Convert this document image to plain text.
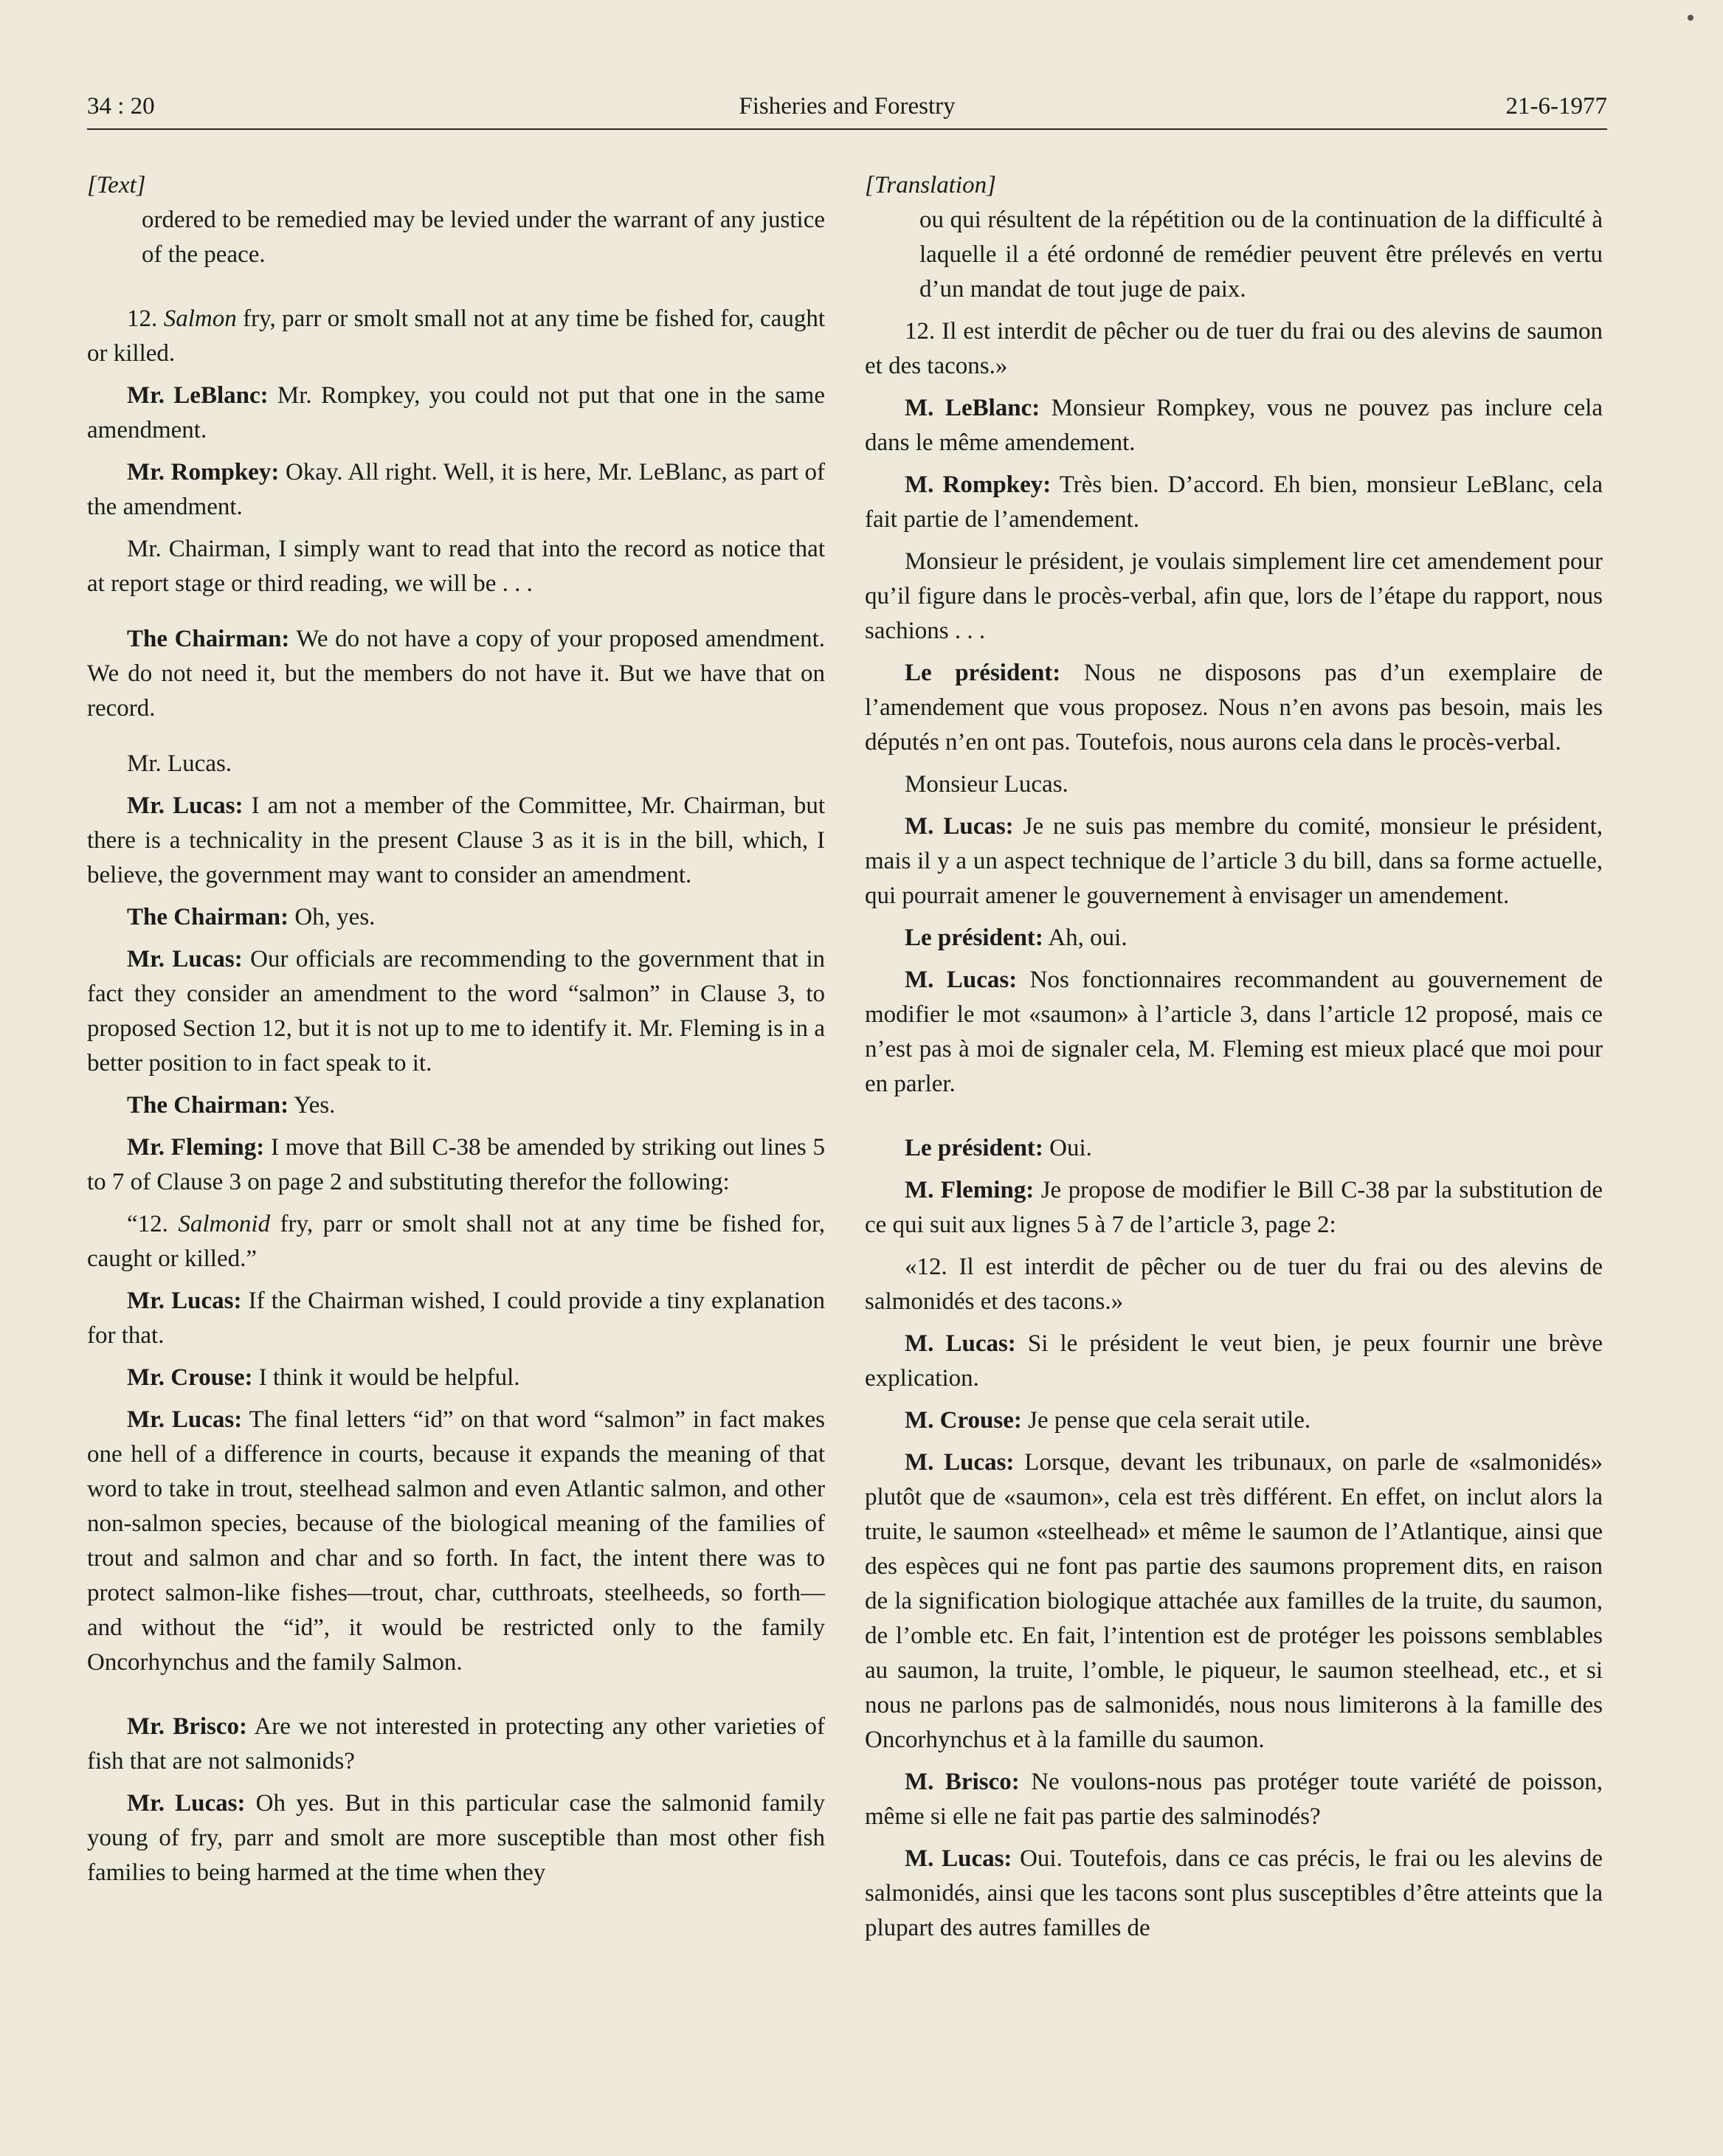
34 : 20	Fisheries and Forestry	21-6-1977

[Text]

ordered to be remedied may be levied under the warrant of any justice of the peace.

12. Salmon fry, parr or smolt small not at any time be fished for, caught or killed.

Mr. LeBlanc: Mr. Rompkey, you could not put that one in the same amendment.

Mr. Rompkey: Okay. All right. Well, it is here, Mr. LeBlanc, as part of the amendment.

Mr. Chairman, I simply want to read that into the record as notice that at report stage or third reading, we will be . . .

The Chairman: We do not have a copy of your proposed amendment. We do not need it, but the members do not have it. But we have that on record.

Mr. Lucas.

Mr. Lucas: I am not a member of the Committee, Mr. Chairman, but there is a technicality in the present Clause 3 as it is in the bill, which, I believe, the government may want to consider an amendment.

The Chairman: Oh, yes.

Mr. Lucas: Our officials are recommending to the government that in fact they consider an amendment to the word “salmon” in Clause 3, to proposed Section 12, but it is not up to me to identify it. Mr. Fleming is in a better position to in fact speak to it.

The Chairman: Yes.

Mr. Fleming: I move that Bill C-38 be amended by striking out lines 5 to 7 of Clause 3 on page 2 and substituting therefor the following:

“12. Salmonid fry, parr or smolt shall not at any time be fished for, caught or killed.”

Mr. Lucas: If the Chairman wished, I could provide a tiny explanation for that.

Mr. Crouse: I think it would be helpful.

Mr. Lucas: The final letters “id” on that word “salmon” in fact makes one hell of a difference in courts, because it expands the meaning of that word to take in trout, steelhead salmon and even Atlantic salmon, and other non-salmon species, because of the biological meaning of the families of trout and salmon and char and so forth. In fact, the intent there was to protect salmon-like fishes—trout, char, cutthroats, steelheeds, so forth— and without the “id”, it would be restricted only to the family Oncorhynchus and the family Salmon.

Mr. Brisco: Are we not interested in protecting any other varieties of fish that are not salmonids?

Mr. Lucas: Oh yes. But in this particular case the salmonid family young of fry, parr and smolt are more susceptible than most other fish families to being harmed at the time when they

[Translation]

ou qui résultent de la répétition ou de la continuation de la difficulté à laquelle il a été ordonné de remédier peuvent être prélevés en vertu d’un mandat de tout juge de paix.

12. Il est interdit de pêcher ou de tuer du frai ou des alevins de saumon et des tacons.»

M. LeBlanc: Monsieur Rompkey, vous ne pouvez pas inclure cela dans le même amendement.

M. Rompkey: Très bien. D’accord. Eh bien, monsieur LeBlanc, cela fait partie de l’amendement.

Monsieur le président, je voulais simplement lire cet amendement pour qu’il figure dans le procès-verbal, afin que, lors de l’étape du rapport, nous sachions . . .

Le président: Nous ne disposons pas d’un exemplaire de l’amendement que vous proposez. Nous n’en avons pas besoin, mais les députés n’en ont pas. Toutefois, nous aurons cela dans le procès-verbal.

Monsieur Lucas.

M. Lucas: Je ne suis pas membre du comité, monsieur le président, mais il y a un aspect technique de l’article 3 du bill, dans sa forme actuelle, qui pourrait amener le gouvernement à envisager un amendement.

Le président: Ah, oui.

M. Lucas: Nos fonctionnaires recommandent au gouvernement de modifier le mot «saumon» à l’article 3, dans l’article 12 proposé, mais ce n’est pas à moi de signaler cela, M. Fleming est mieux placé que moi pour en parler.

Le président: Oui.

M. Fleming: Je propose de modifier le Bill C-38 par la substitution de ce qui suit aux lignes 5 à 7 de l’article 3, page 2:

«12. Il est interdit de pêcher ou de tuer du frai ou des alevins de salmonidés et des tacons.»

M. Lucas: Si le président le veut bien, je peux fournir une brève explication.

M. Crouse: Je pense que cela serait utile.

M. Lucas: Lorsque, devant les tribunaux, on parle de «salmonidés» plutôt que de «saumon», cela est très différent. En effet, on inclut alors la truite, le saumon «steelhead» et même le saumon de l’Atlantique, ainsi que des espèces qui ne font pas partie des saumons proprement dits, en raison de la signification biologique attachée aux familles de la truite, du saumon, de l’omble etc. En fait, l’intention est de protéger les poissons semblables au saumon, la truite, l’omble, le piqueur, le saumon steelhead, etc., et si nous ne parlons pas de salmonidés, nous nous limiterons à la famille des Oncorhynchus et à la famille du saumon.

M. Brisco: Ne voulons-nous pas protéger toute variété de poisson, même si elle ne fait pas partie des salminodés?

M. Lucas: Oui. Toutefois, dans ce cas précis, le frai ou les alevins de salmonidés, ainsi que les tacons sont plus susceptibles d’être atteints que la plupart des autres familles de
